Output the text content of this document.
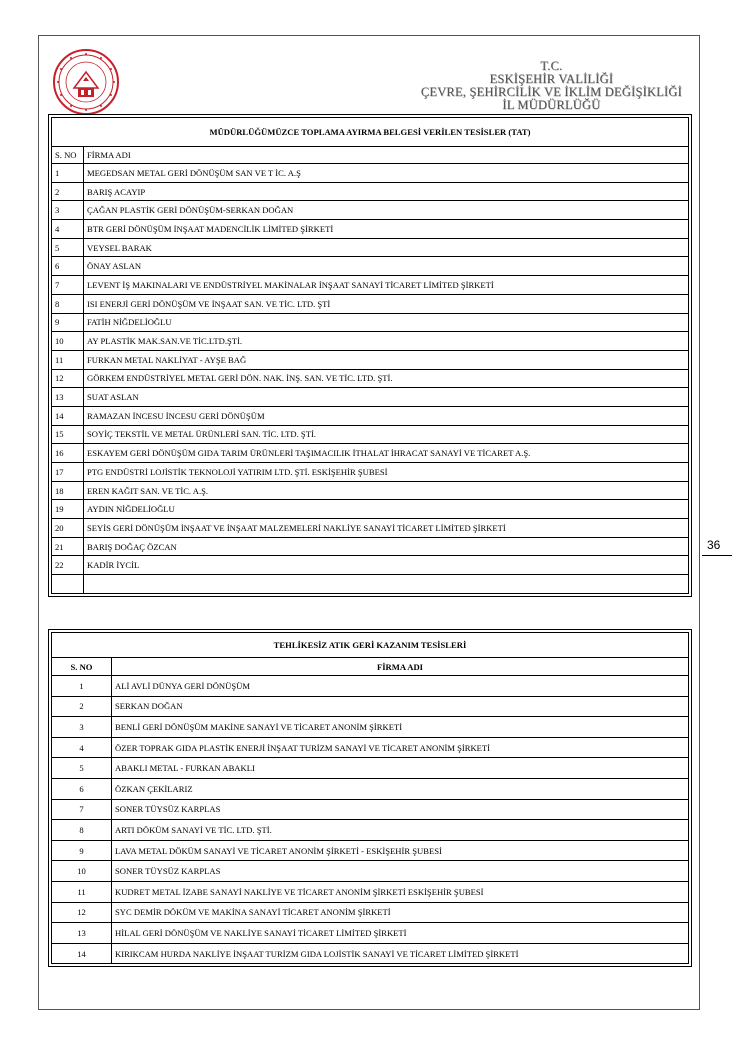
T.C.
ESKİŞEHİR VALİLİĞİ
ÇEVRE, ŞEHİRCİLİK VE İKLİM DEĞİŞİKLİĞİ
İL MÜDÜRLÜĞÜ
36
MÜDÜRLÜĞÜMÜZCE TOPLAMA AYIRMA BELGESİ VERİLEN TESİSLER (TAT)	
S. NO	FİRMA ADI
1	MEGEDSAN METAL GERİ DÖNÜŞÜM SAN VE T İC. A.Ş
2	BARIŞ ACAYIP
3	ÇAĞAN PLASTİK GERİ DÖNÜŞÜM-SERKAN DOĞAN
4	BTR GERİ DÖNÜŞÜM İNŞAAT MADENCİLİK LİMİTED ŞİRKETİ
5	VEYSEL BARAK
6	ÖNAY ASLAN
7	LEVENT İŞ MAKINALARI VE ENDÜSTRİYEL MAKİNALAR İNŞAAT SANAYİ TİCARET LİMİTED ŞİRKETİ
8	ISI ENERJİ GERİ DÖNÜŞÜM VE İNŞAAT SAN. VE TİC. LTD. ŞTİ
9	FATİH NİĞDELİOĞLU
10	AY PLASTİK MAK.SAN.VE TİC.LTD.ŞTİ.
11	FURKAN METAL NAKLİYAT - AYŞE BAĞ
12	GÖRKEM ENDÜSTRİYEL METAL GERİ DÖN. NAK. İNŞ. SAN. VE TİC. LTD. ŞTİ.
13	SUAT ASLAN
14	RAMAZAN İNCESU İNCESU GERİ DÖNÜŞÜM
15	SOYİÇ TEKSTİL VE METAL ÜRÜNLERİ SAN. TİC. LTD. ŞTİ.
16	ESKAYEM GERİ DÖNÜŞÜM GIDA TARIM ÜRÜNLERİ TAŞIMACILIK İTHALAT İHRACAT SANAYİ VE TİCARET A.Ş.
17	PTG ENDÜSTRİ LOJİSTİK TEKNOLOJİ YATIRIM LTD. ŞTİ. ESKİŞEHİR ŞUBESİ
18	EREN KAĞIT SAN. VE TİC. A.Ş.
19	AYDIN NİĞDELİOĞLU
20	SEYİS GERİ DÖNÜŞÜM İNŞAAT VE İNŞAAT MALZEMELERİ NAKLİYE SANAYİ TİCARET LİMİTED ŞİRKETİ
21	BARIŞ DOĞAÇ ÖZCAN
22	KADİR İYCİL

TEHLİKESİZ ATIK GERİ KAZANIM TESİSLERİ	
S. NO	FİRMA ADI
1	ALİ AVLİ DÜNYA GERİ DÖNÜŞÜM
2	SERKAN DOĞAN
3	BENLİ GERİ DÖNÜŞÜM MAKİNE SANAYİ VE TİCARET ANONİM ŞİRKETİ
4	ÖZER TOPRAK GIDA PLASTİK ENERJİ İNŞAAT TURİZM SANAYİ VE TİCARET ANONİM ŞİRKETİ
5	ABAKLI METAL - FURKAN ABAKLI
6	ÖZKAN ÇEKİLARIZ
7	SONER TÜYSÜZ KARPLAS
8	ARTI DÖKÜM SANAYİ VE TİC. LTD. ŞTİ.
9	LAVA METAL DÖKÜM SANAYİ VE TİCARET ANONİM ŞİRKETİ - ESKİŞEHİR ŞUBESİ
10	SONER TÜYSÜZ KARPLAS
11	KUDRET METAL İZABE SANAYİ NAKLİYE VE TİCARET ANONİM ŞİRKETİ ESKİŞEHİR ŞUBESİ
12	SYC DEMİR DÖKÜM VE MAKİNA SANAYİ TİCARET ANONİM ŞİRKETİ
13	HİLAL GERİ DÖNÜŞÜM VE NAKLİYE SANAYİ TİCARET LİMİTED ŞİRKETİ
14	KIRIKCAM HURDA NAKLİYE İNŞAAT TURİZM GIDA LOJİSTİK SANAYİ VE TİCARET LİMİTED ŞİRKETİ
